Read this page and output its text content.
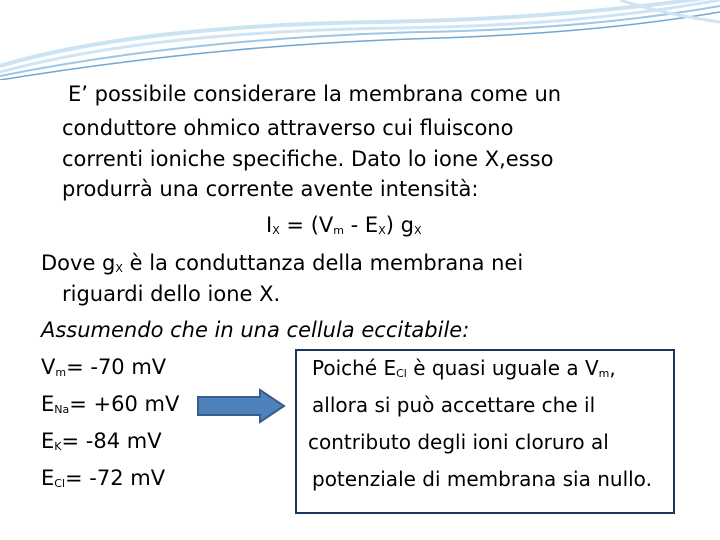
E’ possibile considerare la membrana come un
conduttore ohmico attraverso cui fluiscono
correnti ioniche specifiche. Dato lo ione X,esso
produrrà una corrente avente intensità:
IX = (Vm - EX) gX
Dove gX è la conduttanza della membrana nei
riguardi dello ione X.
Assumendo che in una cellula eccitabile:
Vm= -70 mV
ENa= +60 mV
EK= -84 mV
ECl= -72 mV
Poiché ECl è quasi uguale a Vm,
allora si può accettare che il
contributo degli ioni cloruro al
potenziale di membrana sia nullo.
